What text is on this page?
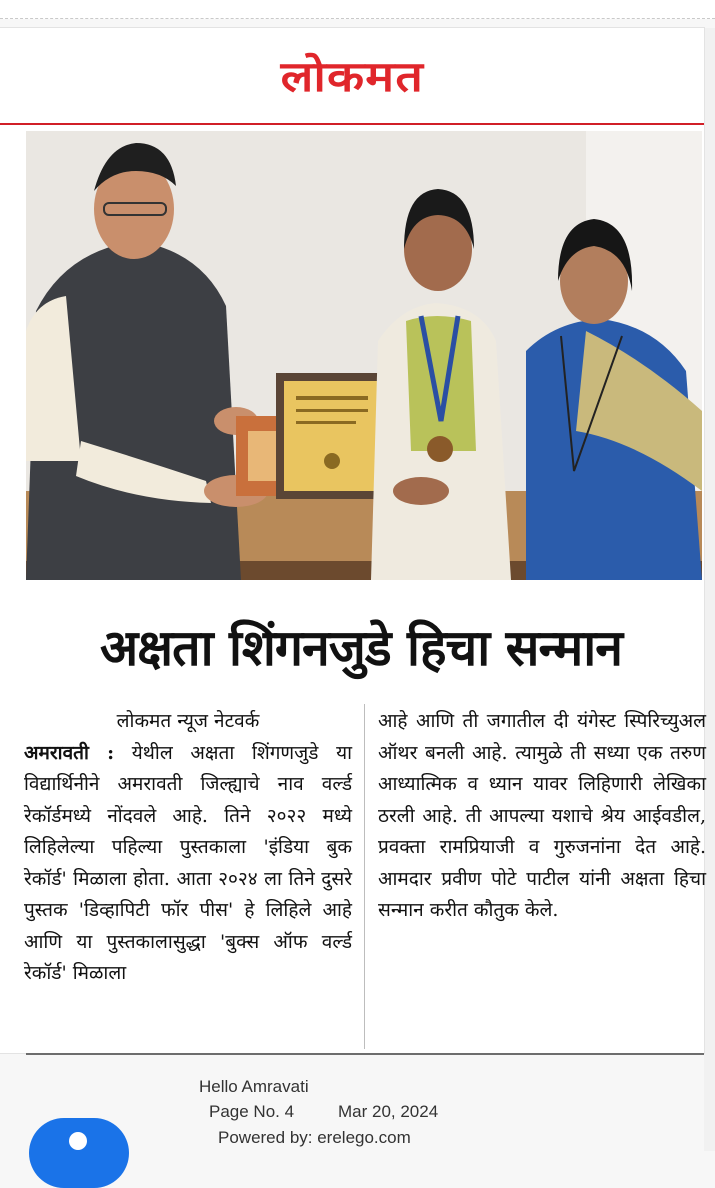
लोकमत
अक्षता शिंगनजुडे हिचा सन्मान

लोकमत न्यूज नेटवर्क
अमरावती : येथील अक्षता शिंगणजुडे या विद्यार्थिनीने अमरावती जिल्ह्याचे नाव वर्ल्ड रेकॉर्डमध्ये नोंदवले आहे. तिने २०२२ मध्ये लिहिलेल्या पहिल्या पुस्तकाला 'इंडिया बुक रेकॉर्ड' मिळाला होता. आता २०२४ ला तिने दुसरे पुस्तक 'डिव्हापिटी फॉर पीस' हे लिहिले आहे आणि या पुस्तकालासुद्धा 'बुक्स ऑफ वर्ल्ड रेकॉर्ड' मिळाला

आहे आणि ती जगातील दी यंगेस्ट स्पिरिच्युअल ऑथर बनली आहे. त्यामुळे ती सध्या एक तरुण आध्यात्मिक व ध्यान यावर लिहिणारी लेखिका ठरली आहे. ती आपल्या यशाचे श्रेय आईवडील, प्रवक्ता रामप्रियाजी व गुरुजनांना देत आहे. आमदार प्रवीण पोटे पाटील यांनी अक्षता हिचा सन्मान करीत कौतुक केले.

Hello Amravati
Page No. 4	Mar 20, 2024
Powered by: erelego.com
